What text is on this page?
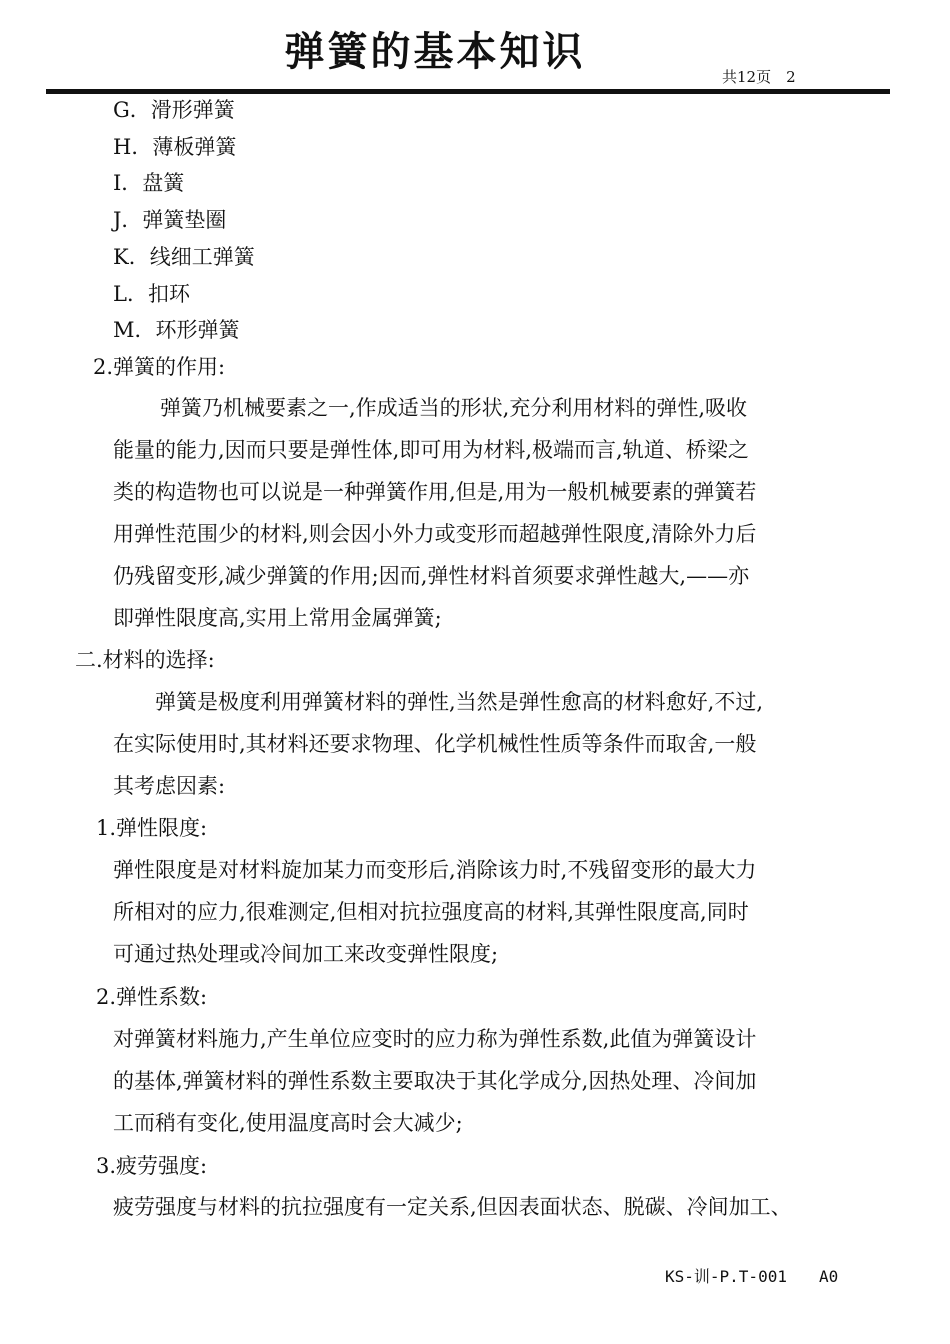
弹簧的基本知识
共12页　2
G．滑形弹簧
H．薄板弹簧
I．盘簧
J．弹簧垫圈
K．线细工弹簧
L．扣环
M．环形弹簧
2.弹簧的作用:
弹簧乃机械要素之一,作成适当的形状,充分利用材料的弹性,吸收
能量的能力,因而只要是弹性体,即可用为材料,极端而言,轨道、桥梁之
类的构造物也可以说是一种弹簧作用,但是,用为一般机械要素的弹簧若
用弹性范围少的材料,则会因小外力或变形而超越弹性限度,清除外力后
仍残留变形,减少弹簧的作用;因而,弹性材料首须要求弹性越大,——亦
即弹性限度高,实用上常用金属弹簧;
二.材料的选择:
弹簧是极度利用弹簧材料的弹性,当然是弹性愈高的材料愈好,不过,
在实际使用时,其材料还要求物理、化学机械性性质等条件而取舍,一般
其考虑因素:
1.弹性限度:
弹性限度是对材料旋加某力而变形后,消除该力时,不残留变形的最大力
所相对的应力,很难测定,但相对抗拉强度高的材料,其弹性限度高,同时
可通过热处理或冷间加工来改变弹性限度;
2.弹性系数:
对弹簧材料施力,产生单位应变时的应力称为弹性系数,此值为弹簧设计
的基体,弹簧材料的弹性系数主要取决于其化学成分,因热处理、冷间加
工而稍有变化,使用温度高时会大减少;
3.疲劳强度:
疲劳强度与材料的抗拉强度有一定关系,但因表面状态、脱碳、冷间加工、
KS-训-P.T-001　　A0
